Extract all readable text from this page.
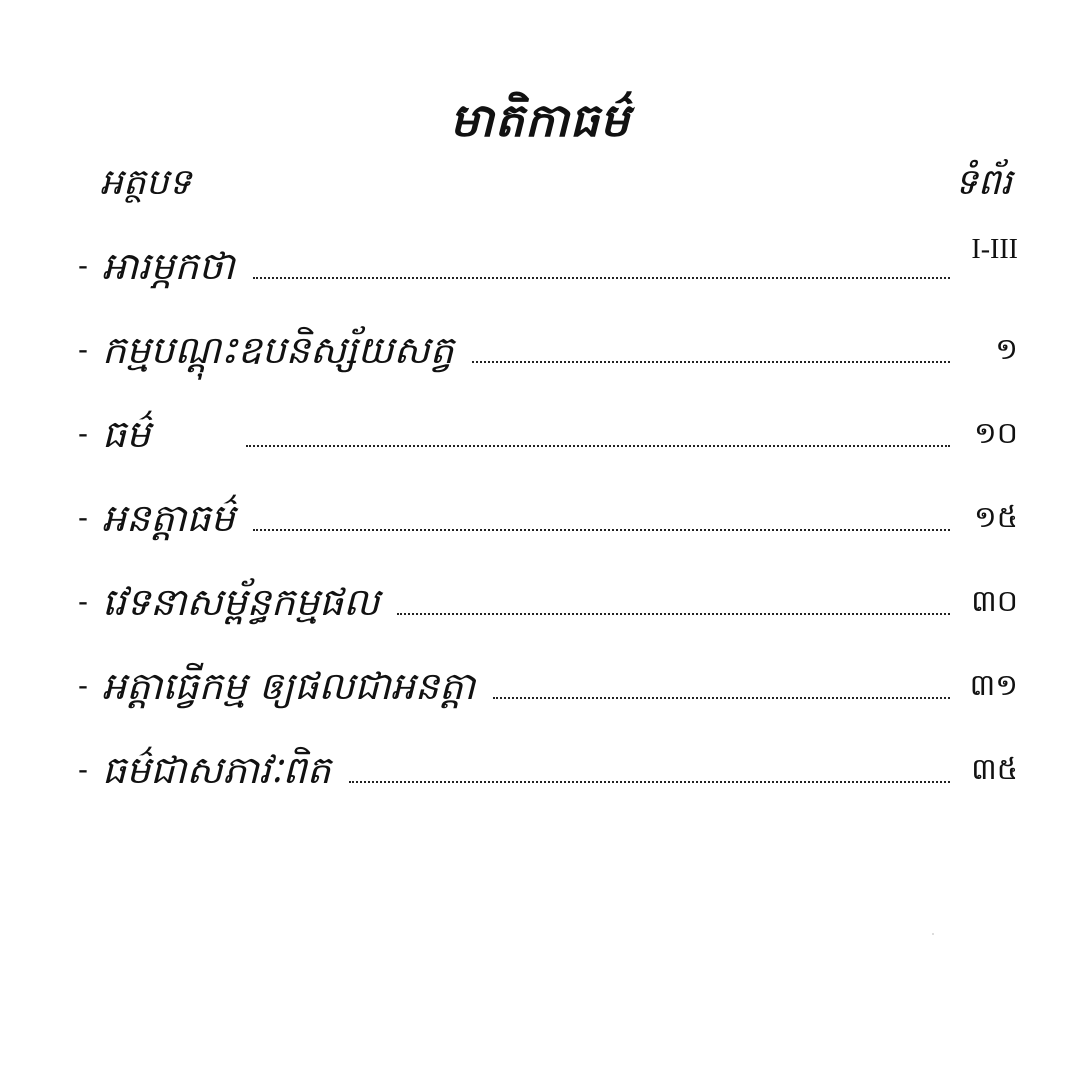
មាតិកាធម៌
អត្ថបទ	ទំព័រ
- អារម្ភកថា	I-III
- កម្មបណ្ដុះឧបនិស្ស័យសត្វ	១
- ធម៌	១០
- អនត្តាធម៌	១៥
- វេទនាសម្ព័ន្ធកម្មផល	៣០
- អត្តាធ្វើកម្ម ឲ្យផលជាអនត្តា	៣១
- ធម៌ជាសភាវៈពិត	៣៥
